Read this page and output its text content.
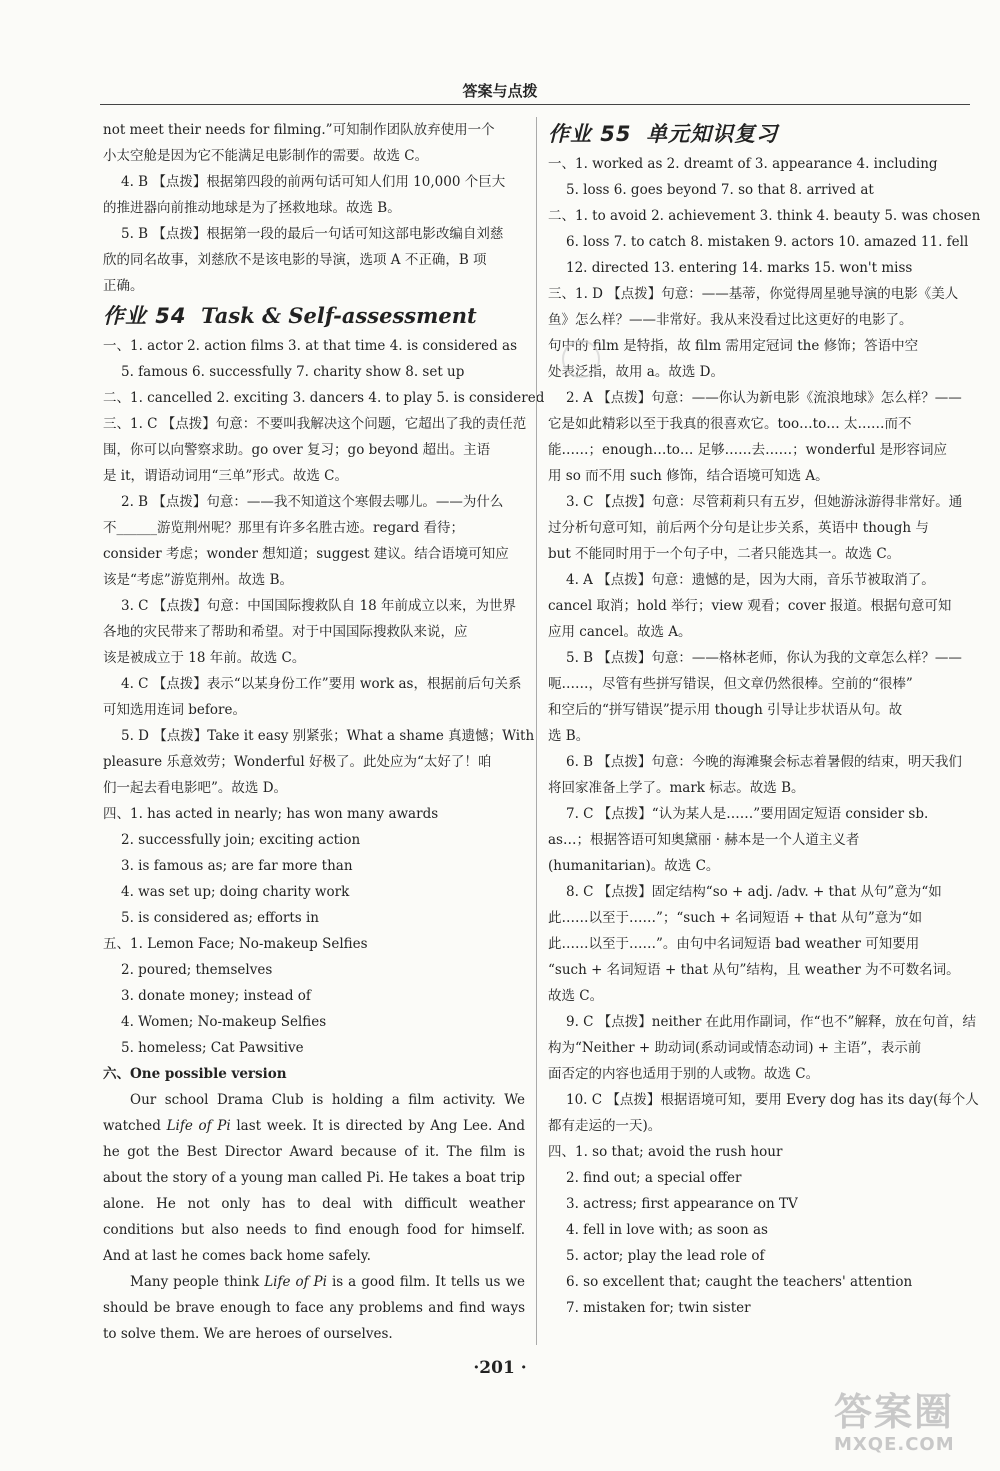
答案与点拨
not meet their needs for filming.”可知制作团队放弃使用一个
小太空舱是因为它不能满足电影制作的需要。故选 C。
4. B 【点拨】根据第四段的前两句话可知人们用 10,000 个巨大
的推进器向前推动地球是为了拯救地球。故选 B。
5. B 【点拨】根据第一段的最后一句话可知这部电影改编自刘慈
欣的同名故事，刘慈欣不是该电影的导演，选项 A 不正确，B 项
正确。
作业 54 Task & Self-assessment
一、1. actor 2. action films 3. at that time 4. is considered as
5. famous 6. successfully 7. charity show 8. set up
二、1. cancelled 2. exciting 3. dancers 4. to play 5. is considered
三、1. C 【点拨】句意：不要叫我解决这个问题，它超出了我的责任范
围，你可以向警察求助。go over 复习；go beyond 超出。主语
是 it，谓语动词用“三单”形式。故选 C。
2. B 【点拨】句意：——我不知道这个寒假去哪儿。——为什么
不______游览荆州呢？那里有许多名胜古迹。regard 看待；
consider 考虑；wonder 想知道；suggest 建议。结合语境可知应
该是“考虑”游览荆州。故选 B。
3. C 【点拨】句意：中国国际搜救队自 18 年前成立以来，为世界
各地的灾民带来了帮助和希望。对于中国国际搜救队来说，应
该是被成立于 18 年前。故选 C。
4. C 【点拨】表示“以某身份工作”要用 work as，根据前后句关系
可知选用连词 before。
5. D 【点拨】Take it easy 别紧张；What a shame 真遗憾；With
pleasure 乐意效劳；Wonderful 好极了。此处应为“太好了！咱
们一起去看电影吧”。故选 D。
四、1. has acted in nearly; has won many awards
2. successfully join; exciting action
3. is famous as; are far more than
4. was set up; doing charity work
5. is considered as; efforts in
五、1. Lemon Face; No-makeup Selfies
2. poured; themselves
3. donate money; instead of
4. Women; No-makeup Selfies
5. homeless; Cat Pawsitive
六、One possible version
Our school Drama Club is holding a film activity. We watched Life of Pi last week. It is directed by Ang Lee. And he got the Best Director Award because of it. The film is about the story of a young man called Pi. He takes a boat trip alone. He not only has to deal with difficult weather conditions but also needs to find enough food for himself. And at last he comes back home safely.
Many people think Life of Pi is a good film. It tells us we should be brave enough to face any problems and find ways to solve them. We are heroes of ourselves.
作业 55 单元知识复习
一、1. worked as 2. dreamt of 3. appearance 4. including
5. loss 6. goes beyond 7. so that 8. arrived at
二、1. to avoid 2. achievement 3. think 4. beauty 5. was chosen
6. loss 7. to catch 8. mistaken 9. actors 10. amazed 11. fell
12. directed 13. entering 14. marks 15. won't miss
三、1. D 【点拨】句意：——基蒂，你觉得周星驰导演的电影《美人
鱼》怎么样？——非常好。我从来没看过比这更好的电影了。
句中的 film 是特指，故 film 需用定冠词 the 修饰；答语中空
处表泛指，故用 a。故选 D。
2. A 【点拨】句意：——你认为新电影《流浪地球》怎么样？——
它是如此精彩以至于我真的很喜欢它。too…to… 太……而不
能……；enough…to… 足够……去……；wonderful 是形容词应
用 so 而不用 such 修饰，结合语境可知选 A。
3. C 【点拨】句意：尽管莉莉只有五岁，但她游泳游得非常好。通
过分析句意可知，前后两个分句是让步关系，英语中 though 与
but 不能同时用于一个句子中，二者只能选其一。故选 C。
4. A 【点拨】句意：遗憾的是，因为大雨，音乐节被取消了。
cancel 取消；hold 举行；view 观看；cover 报道。根据句意可知
应用 cancel。故选 A。
5. B 【点拨】句意：——格林老师，你认为我的文章怎么样？——
呃……，尽管有些拼写错误，但文章仍然很棒。空前的“很棒”
和空后的“拼写错误”提示用 though 引导让步状语从句。故
选 B。
6. B 【点拨】句意：今晚的海滩聚会标志着暑假的结束，明天我们
将回家准备上学了。mark 标志。故选 B。
7. C 【点拨】“认为某人是……”要用固定短语 consider sb.
as…；根据答语可知奥黛丽 · 赫本是一个人道主义者
(humanitarian)。故选 C。
8. C 【点拨】固定结构“so + adj. /adv. + that 从句”意为“如
此……以至于……”；“such + 名词短语 + that 从句”意为“如
此……以至于……”。由句中名词短语 bad weather 可知要用
“such + 名词短语 + that 从句”结构，且 weather 为不可数名词。
故选 C。
9. C 【点拨】neither 在此用作副词，作“也不”解释，放在句首，结
构为“Neither + 助动词(系动词或情态动词) + 主语”，表示前
面否定的内容也适用于别的人或物。故选 C。
10. C 【点拨】根据语境可知，要用 Every dog has its day(每个人
都有走运的一天)。
四、1. so that; avoid the rush hour
2. find out; a special offer
3. actress; first appearance on TV
4. fell in love with; as soon as
5. actor; play the lead role of
6. so excellent that; caught the teachers' attention
7. mistaken for; twin sister
·201 ·
答案圈
MXQE.COM
